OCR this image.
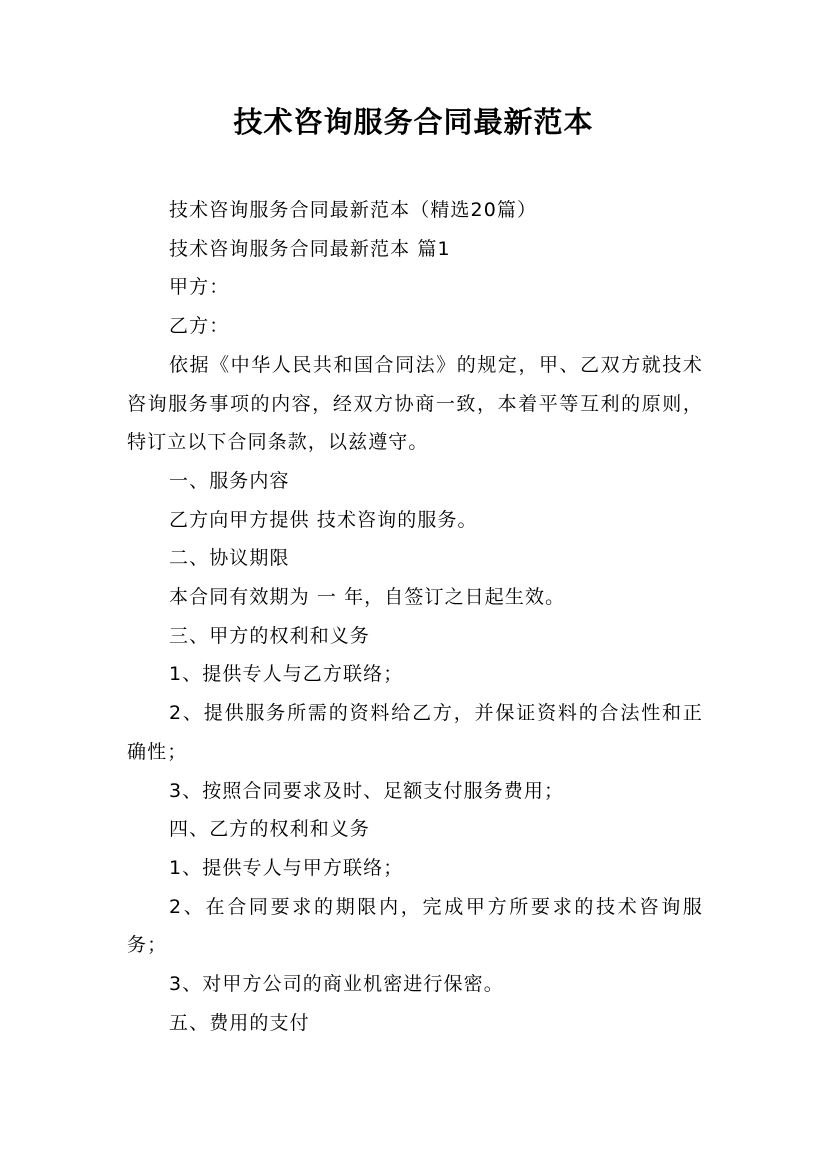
技术咨询服务合同最新范本

技术咨询服务合同最新范本（精选20篇）

技术咨询服务合同最新范本 篇1

甲方：

乙方：

依据《中华人民共和国合同法》的规定，甲、乙双方就技术咨询服务事项的内容，经双方协商一致，本着平等互利的原则，特订立以下合同条款，以兹遵守。

一、服务内容

乙方向甲方提供 技术咨询的服务。

二、协议期限

本合同有效期为 一 年，自签订之日起生效。

三、甲方的权利和义务

1、提供专人与乙方联络；

2、提供服务所需的资料给乙方，并保证资料的合法性和正确性；

3、按照合同要求及时、足额支付服务费用；

四、乙方的权利和义务

1、提供专人与甲方联络；

2、在合同要求的期限内，完成甲方所要求的技术咨询服务；

3、对甲方公司的商业机密进行保密。

五、费用的支付
